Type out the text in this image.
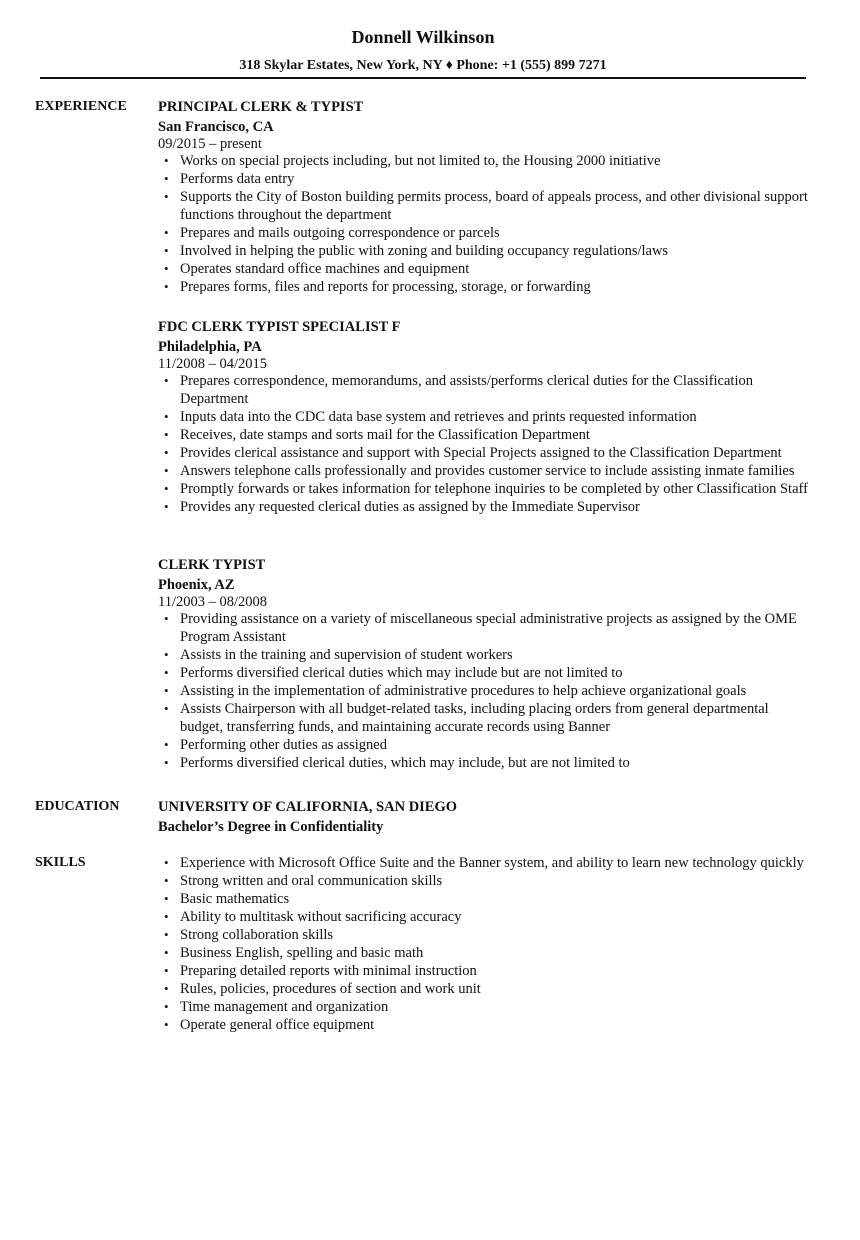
Donnell Wilkinson
318 Skylar Estates, New York, NY ♦ Phone: +1 (555) 899 7271
EXPERIENCE PRINCIPAL CLERK & TYPIST

San Francisco, CA

09/2015 – present

• Works on special projects including, but not limited to, the Housing 2000 initiative
• Performs data entry
• Supports the City of Boston building permits process, board of appeals process, and other divisional support functions throughout the department
• Prepares and mails outgoing correspondence or parcels
• Involved in helping the public with zoning and building occupancy regulations/laws
• Operates standard office machines and equipment
• Prepares forms, files and reports for processing, storage, or forwarding

FDC CLERK TYPIST SPECIALIST F

Philadelphia, PA

11/2008 – 04/2015

• Prepares correspondence, memorandums, and assists/performs clerical duties for the Classification Department
• Inputs data into the CDC data base system and retrieves and prints requested information
• Receives, date stamps and sorts mail for the Classification Department
• Provides clerical assistance and support with Special Projects assigned to the Classification Department
• Answers telephone calls professionally and provides customer service to include assisting inmate families
• Promptly forwards or takes information for telephone inquiries to be completed by other Classification Staff
• Provides any requested clerical duties as assigned by the Immediate Supervisor

CLERK TYPIST

Phoenix, AZ

11/2003 – 08/2008

• Providing assistance on a variety of miscellaneous special administrative projects as assigned by the OME Program Assistant
• Assists in the training and supervision of student workers
• Performs diversified clerical duties which may include but are not limited to
• Assisting in the implementation of administrative procedures to help achieve organizational goals
• Assists Chairperson with all budget-related tasks, including placing orders from general departmental budget, transferring funds, and maintaining accurate records using Banner
• Performing other duties as assigned
• Performs diversified clerical duties, which may include, but are not limited to
EDUCATION	UNIVERSITY OF CALIFORNIA, SAN DIEGO

Bachelor’s Degree in Confidentiality

SKILLS
•	Experience with Microsoft Office Suite and the Banner system, and ability to learn new technology quickly
• Strong written and oral communication skills
• Basic mathematics
• Ability to multitask without sacrificing accuracy
• Strong collaboration skills
• Business English, spelling and basic math
• Preparing detailed reports with minimal instruction
• Rules, policies, procedures of section and work unit
• Time management and organization
• Operate general office equipment
